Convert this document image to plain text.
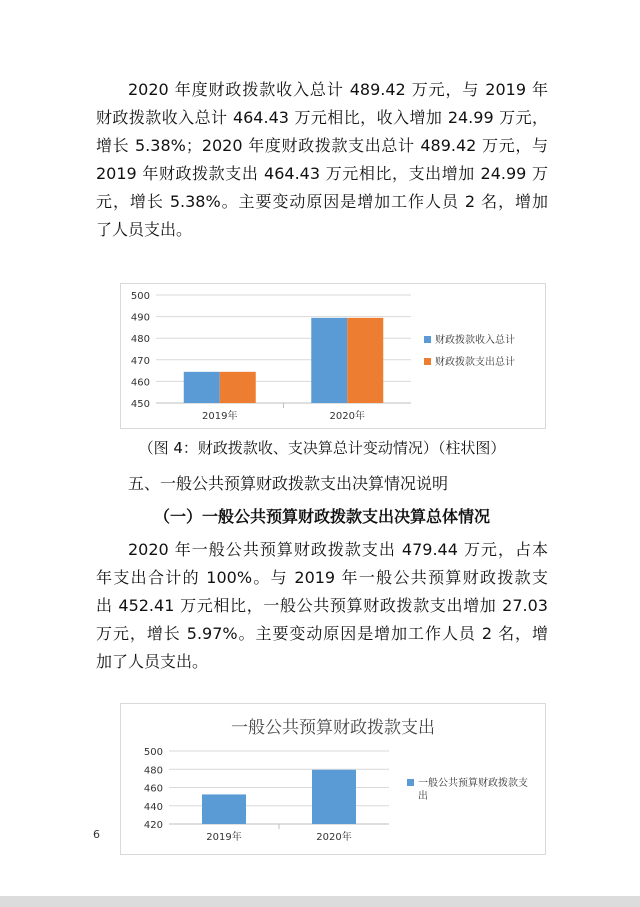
2020 年度财政拨款收入总计 489.42 万元，与 2019 年
财政拨款收入总计 464.43 万元相比，收入增加 24.99 万元，
增长 5.38%；2020 年度财政拨款支出总计 489.42 万元，与
2019 年财政拨款支出 464.43 万元相比，支出增加 24.99 万
元，增长 5.38%。主要变动原因是增加工作人员 2 名，增加
了人员支出。
450
460
470
480
490
500
2019年	2020年
财政拨款收入总计
财政拨款支出总计
（图 4：财政拨款收、支决算总计变动情况）（柱状图）
五、一般公共预算财政拨款支出决算情况说明
（一）一般公共预算财政拨款支出决算总体情况
2020 年一般公共预算财政拨款支出 479.44 万元，占本
年支出合计的 100%。与 2019 年一般公共预算财政拨款支
出 452.41 万元相比，一般公共预算财政拨款支出增加 27.03
万元，增长 5.97%。主要变动原因是增加工作人员 2 名，增
加了人员支出。
一般公共预算财政拨款支出
420
440
460
480
500
2019年	2020年
一般公共预算财政拨款支
出
6
